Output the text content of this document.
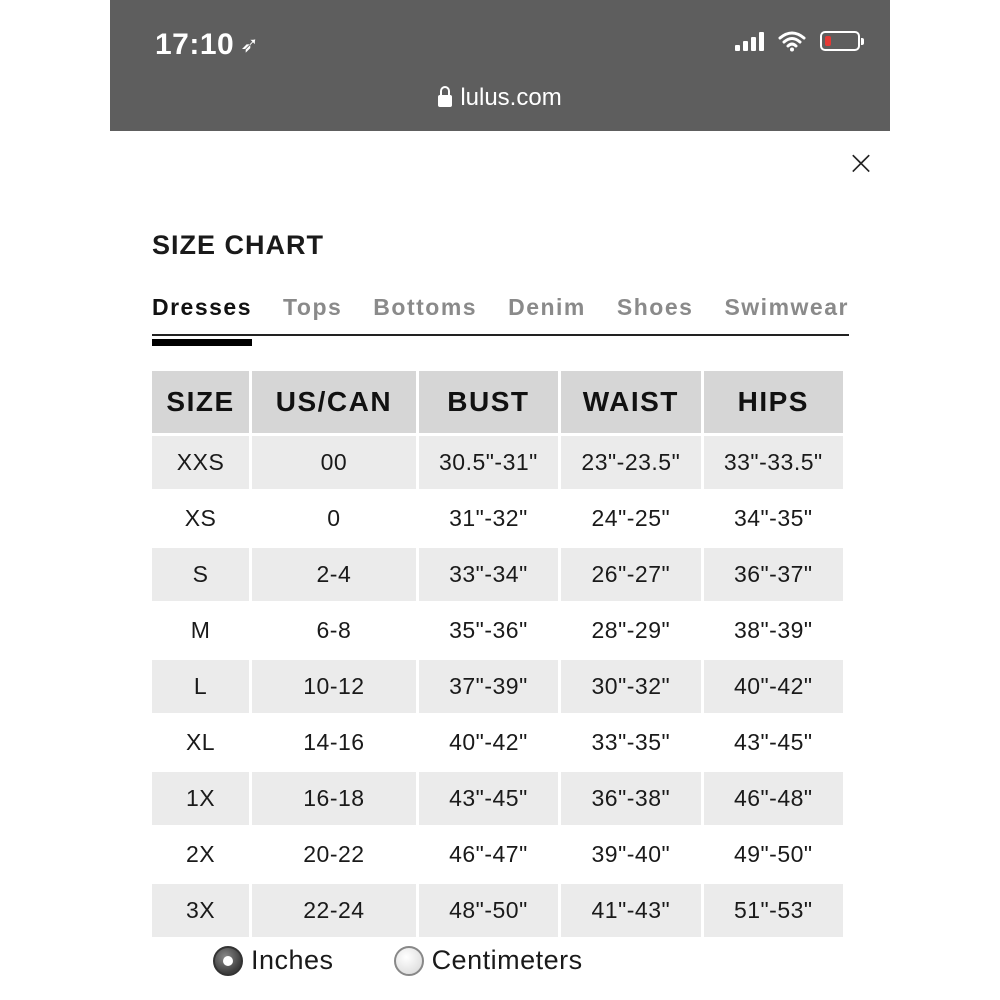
17:10 ➶
lulus.com
×
SIZE CHART
Dresses Tops Bottoms Denim Shoes Swimwear
SIZE	US/CAN	BUST	WAIST	HIPS
XXS	00	30.5"-31"	23"-23.5"	33"-33.5"
XS	0	31"-32"	24"-25"	34"-35"
S	2-4	33"-34"	26"-27"	36"-37"
M	6-8	35"-36"	28"-29"	38"-39"
L	10-12	37"-39"	30"-32"	40"-42"
XL	14-16	40"-42"	33"-35"	43"-45"
1X	16-18	43"-45"	36"-38"	46"-48"
2X	20-22	46"-47"	39"-40"	49"-50"
3X	22-24	48"-50"	41"-43"	51"-53"
Inches	Centimeters
